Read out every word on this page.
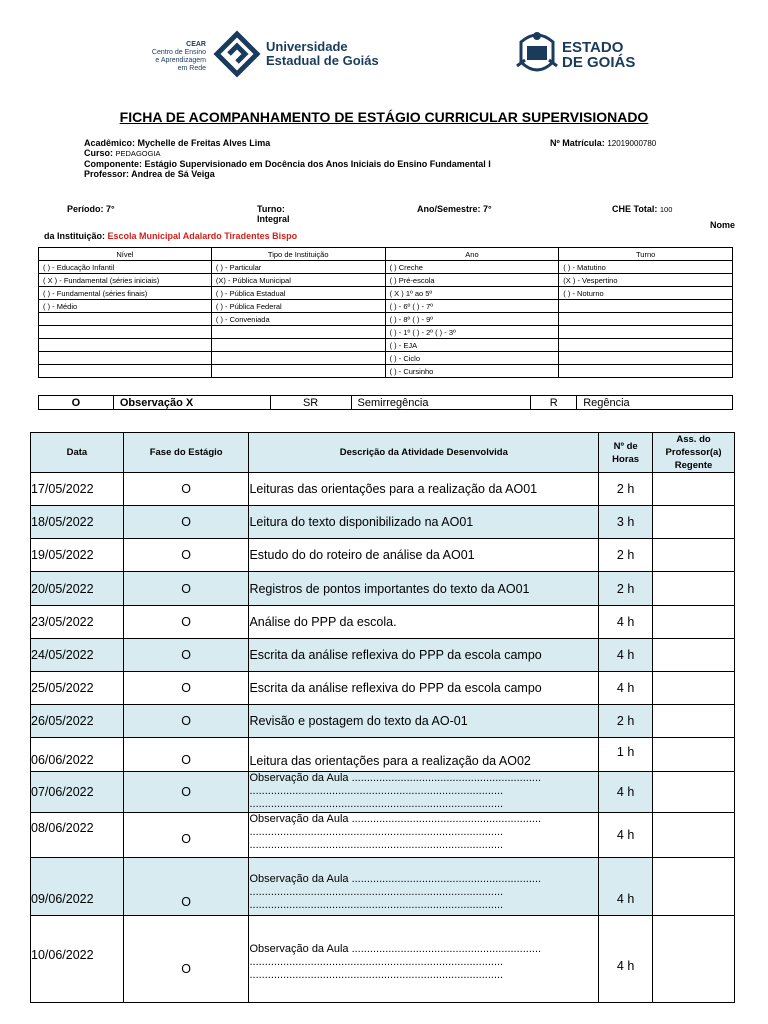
CEAR
Centro de Ensino
e Aprendizagem
em Rede
Universidade
Estadual de Goiás
ESTADO
DE GOIÁS
FICHA DE ACOMPANHAMENTO DE ESTÁGIO CURRICULAR SUPERVISIONADO
Acadêmico: Mychelle de Freitas Alves Lima	Nº Matrícula: 12019000780
Curso: PEDAGOGIA
Componente: Estágio Supervisionado em Docência dos Anos Iniciais do Ensino Fundamental I
Professor: Andrea de Sá Veiga
Período: 7°	Turno:
Integral
Ano/Semestre: 7°	CHE Total: 100
Nome
da Instituição: Escola Municipal Adalardo Tiradentes Bispo
Nível	Tipo de Instituição	Ano	Turno
( ) - Educação Infantil	( ) - Particular	( ) Creche	( ) - Matutino
( X ) - Fundamental (séries iniciais)	(X) - Pública Municipal	( ) Pré-escola	(X ) - Vespertino
( ) - Fundamental (séries finais)	( ) - Pública Estadual	( X ) 1º ao 5º	( ) - Noturno
( ) - Médio	( ) - Pública Federal	( ) - 6º ( ) - 7º	
	( ) - Conveniada	( ) - 8º ( ) - 9º	
		( ) - 1º ( ) - 2º ( ) - 3º	
		( ) - EJA	
		( ) - Ciclo	
		( ) - Cursinho	
O	Observação X	SR	Semirregência	R	Regência
Data	Fase do Estágio	Descrição da Atividade Desenvolvida	Nº de Horas	Ass. do Professor(a) Regente
17/05/2022	O	Leituras das orientações para a realização da AO01	2 h	
18/05/2022	O	Leitura do texto disponibilizado na AO01	3 h	
19/05/2022	O	Estudo do do roteiro de análise da AO01	2 h	
20/05/2022	O	Registros de pontos importantes do texto da AO01	2 h	
23/05/2022	O	Análise do PPP da escola.	4 h	
24/05/2022	O	Escrita da análise reflexiva do PPP da escola campo	4 h	
25/05/2022	O	Escrita da análise reflexiva do PPP da escola campo	4 h	
26/05/2022	O	Revisão e postagem do texto da AO-01	2 h	
06/06/2022	O	Leitura das orientações para a realização da AO02	1 h	
07/06/2022	O	Observação da Aula ..............................................................
...................................................................................
...................................................................................	4 h	
08/06/2022	O	Observação da Aula ..............................................................
...................................................................................
...................................................................................	4 h	
09/06/2022	O	Observação da Aula ..............................................................
...................................................................................
...................................................................................	4 h	
10/06/2022	O	Observação da Aula ..............................................................
...................................................................................
...................................................................................	4 h	
